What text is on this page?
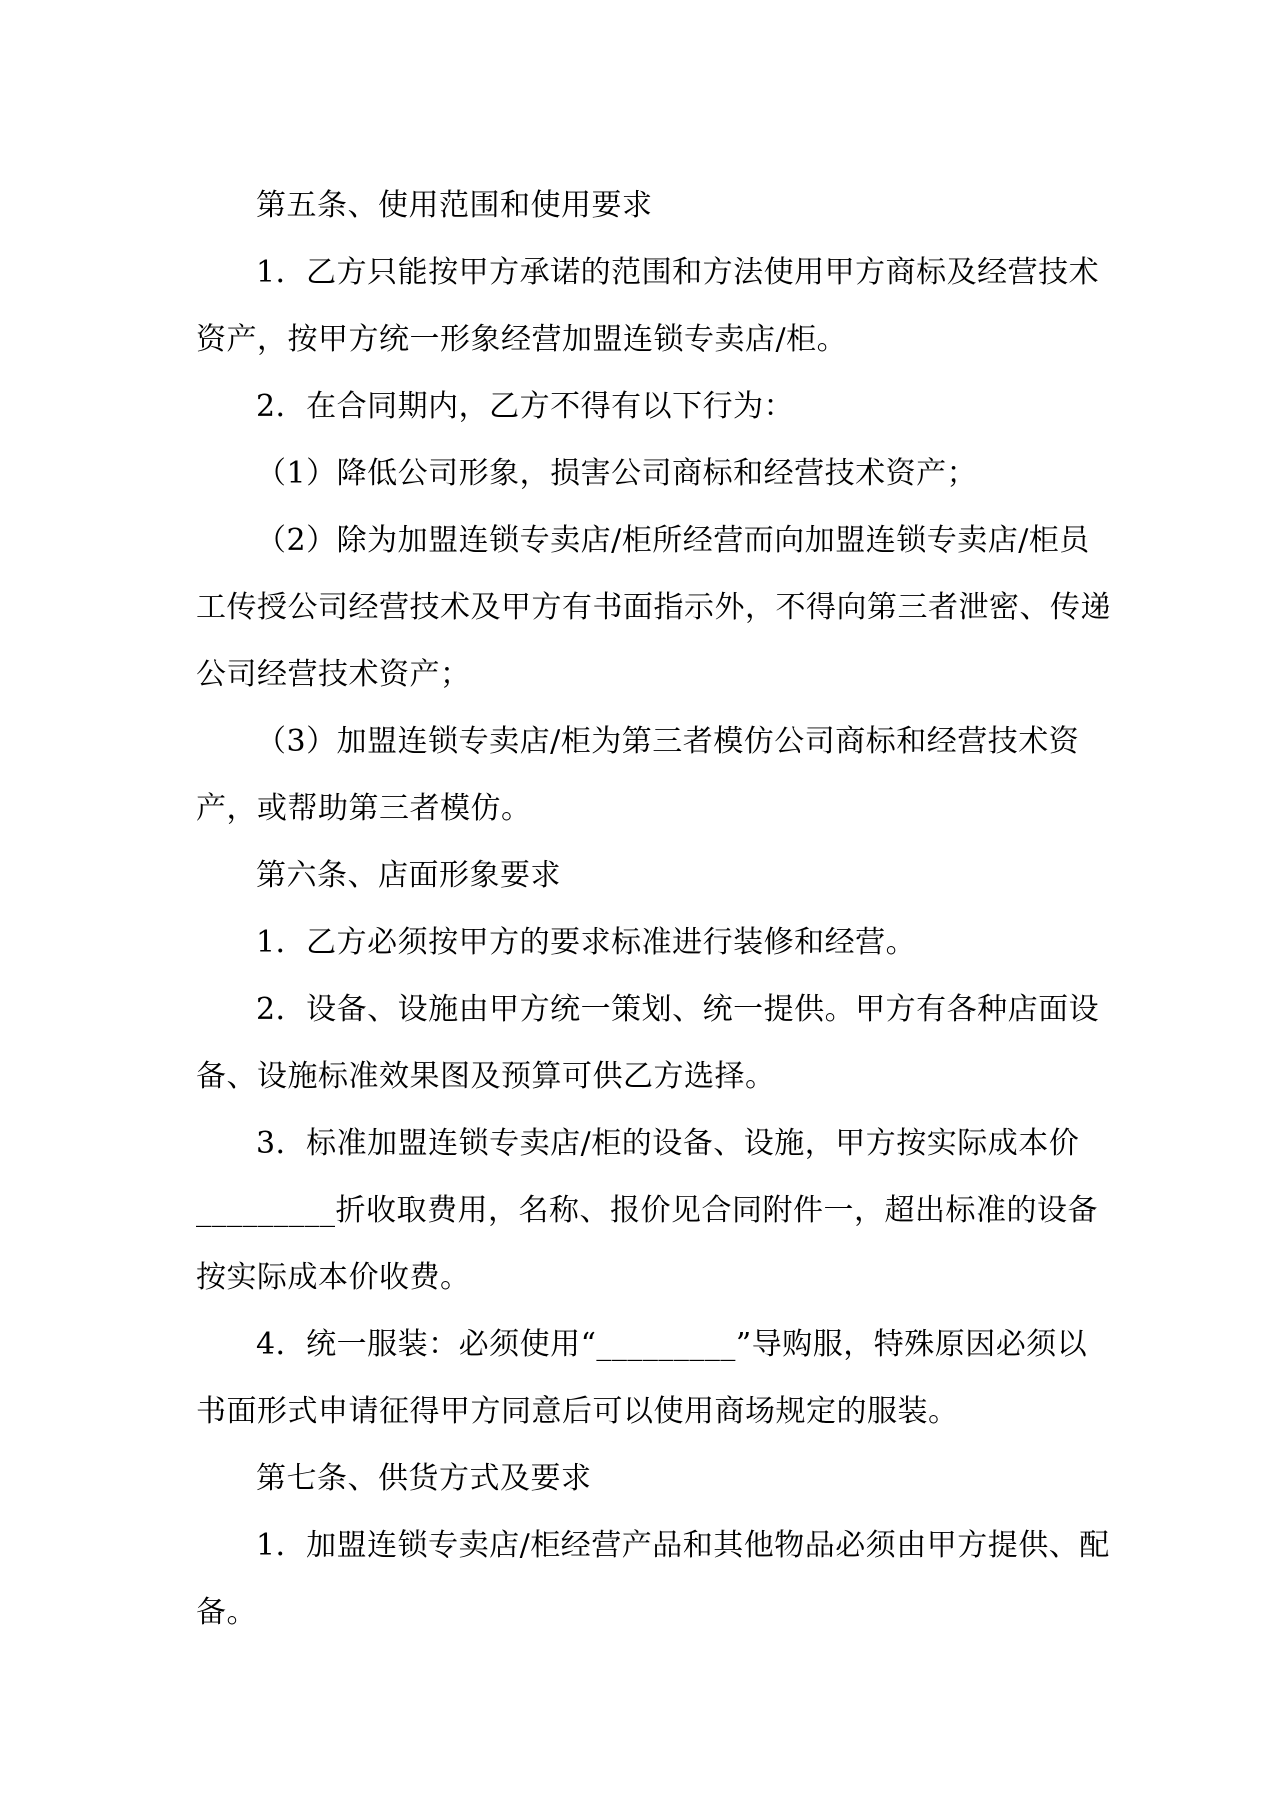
第五条、使用范围和使用要求
1．乙方只能按甲方承诺的范围和方法使用甲方商标及经营技术
资产，按甲方统一形象经营加盟连锁专卖店/柜。
2．在合同期内，乙方不得有以下行为：
（1）降低公司形象，损害公司商标和经营技术资产；
（2）除为加盟连锁专卖店/柜所经营而向加盟连锁专卖店/柜员
工传授公司经营技术及甲方有书面指示外，不得向第三者泄密、传递
公司经营技术资产；
（3）加盟连锁专卖店/柜为第三者模仿公司商标和经营技术资
产，或帮助第三者模仿。
第六条、店面形象要求
1．乙方必须按甲方的要求标准进行装修和经营。
2．设备、设施由甲方统一策划、统一提供。甲方有各种店面设
备、设施标准效果图及预算可供乙方选择。
3．标准加盟连锁专卖店/柜的设备、设施，甲方按实际成本价
_________折收取费用，名称、报价见合同附件一，超出标准的设备
按实际成本价收费。
4．统一服装：必须使用“_________”导购服，特殊原因必须以
书面形式申请征得甲方同意后可以使用商场规定的服装。
第七条、供货方式及要求
1．加盟连锁专卖店/柜经营产品和其他物品必须由甲方提供、配
备。
